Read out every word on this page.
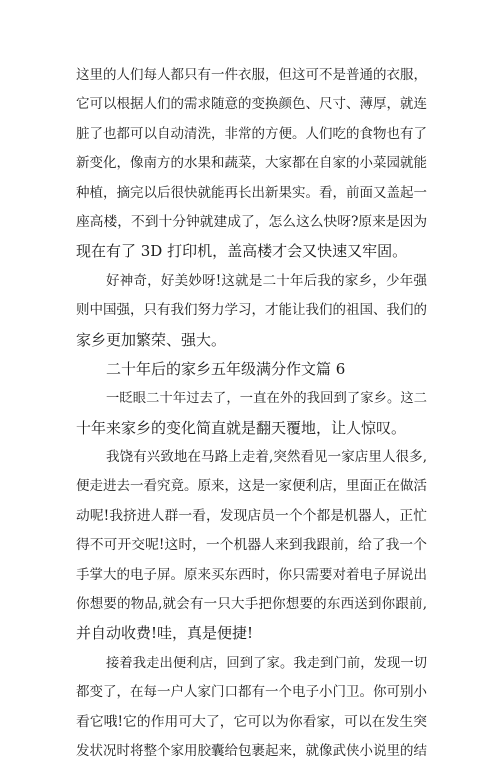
这里的人们每人都只有一件衣服，但这可不是普通的衣服，
它可以根据人们的需求随意的变换颜色、尺寸、薄厚，就连
脏了也都可以自动清洗，非常的方便。人们吃的食物也有了
新变化，像南方的水果和蔬菜，大家都在自家的小菜园就能
种植，摘完以后很快就能再长出新果实。看，前面又盖起一
座高楼，不到十分钟就建成了，怎么这么快呀?原来是因为
现在有了 3D 打印机，盖高楼才会又快速又牢固。
好神奇，好美妙呀!这就是二十年后我的家乡，少年强
则中国强，只有我们努力学习，才能让我们的祖国、我们的
家乡更加繁荣、强大。
二十年后的家乡五年级满分作文篇 6
一眨眼二十年过去了，一直在外的我回到了家乡。这二
十年来家乡的变化简直就是翻天覆地，让人惊叹。
我饶有兴致地在马路上走着,突然看见一家店里人很多,
便走进去一看究竟。原来，这是一家便利店，里面正在做活
动呢!我挤进人群一看，发现店员一个个都是机器人，正忙
得不可开交呢!这时，一个机器人来到我跟前，给了我一个
手掌大的电子屏。原来买东西时，你只需要对着电子屏说出
你想要的物品,就会有一只大手把你想要的东西送到你跟前,
并自动收费!哇，真是便捷!
接着我走出便利店，回到了家。我走到门前，发现一切
都变了，在每一户人家门口都有一个电子小门卫。你可别小
看它哦!它的作用可大了，它可以为你看家，可以在发生突
发状况时将整个家用胶囊给包裹起来，就像武侠小说里的结
